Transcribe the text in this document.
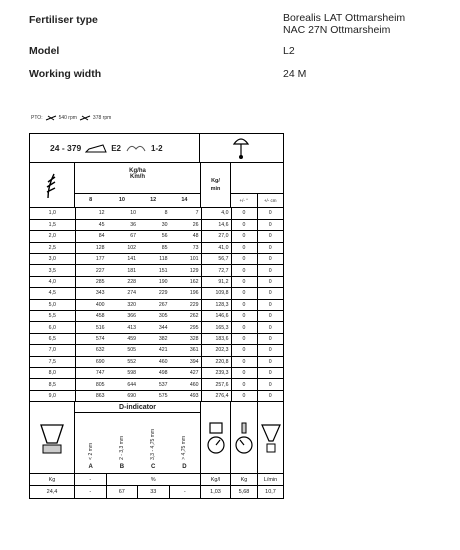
Fertiliser type	Borealis LAT Ottmarsheim
NAC 27N Ottmarsheim
Model	L2
Working width	24 M
PTO:	540 rpm	378 rpm
24 - 379	E2	1-2
Kg/ha
Km/h
8	10	12	14
Kg/
min
+/- °	+/- cm
1,0	12	10	8	7	4,0	0	0
1,5	45	36	30	26	14,6	0	0
2,0	84	67	56	48	27,0	0	0
2,5	128	102	85	73	41,0	0	0
3,0	177	141	118	101	56,7	0	0
3,5	227	181	151	129	72,7	0	0
4,0	285	228	190	162	91,2	0	0
4,5	343	274	229	196	109,8	0	0
5,0	400	320	267	229	128,3	0	0
5,5	458	366	305	262	146,6	0	0
6,0	516	413	344	295	165,3	0	0
6,5	574	459	382	328	183,6	0	0
7,0	632	505	421	361	202,3	0	0
7,5	690	552	460	394	220,8	0	0
8,0	747	598	498	427	239,3	0	0
8,5	805	644	537	460	257,6	0	0
9,0	863	690	575	493	276,4	0	0
D-indicator
< 2 mm
A
2 - 3,3 mm
B
3,3 - 4,75 mm
C
> 4,75 mm
D
Kg	-	%	Kg/l	Kg	L/min
24,4	-	67	33	-	1,03	5,68	10,7
